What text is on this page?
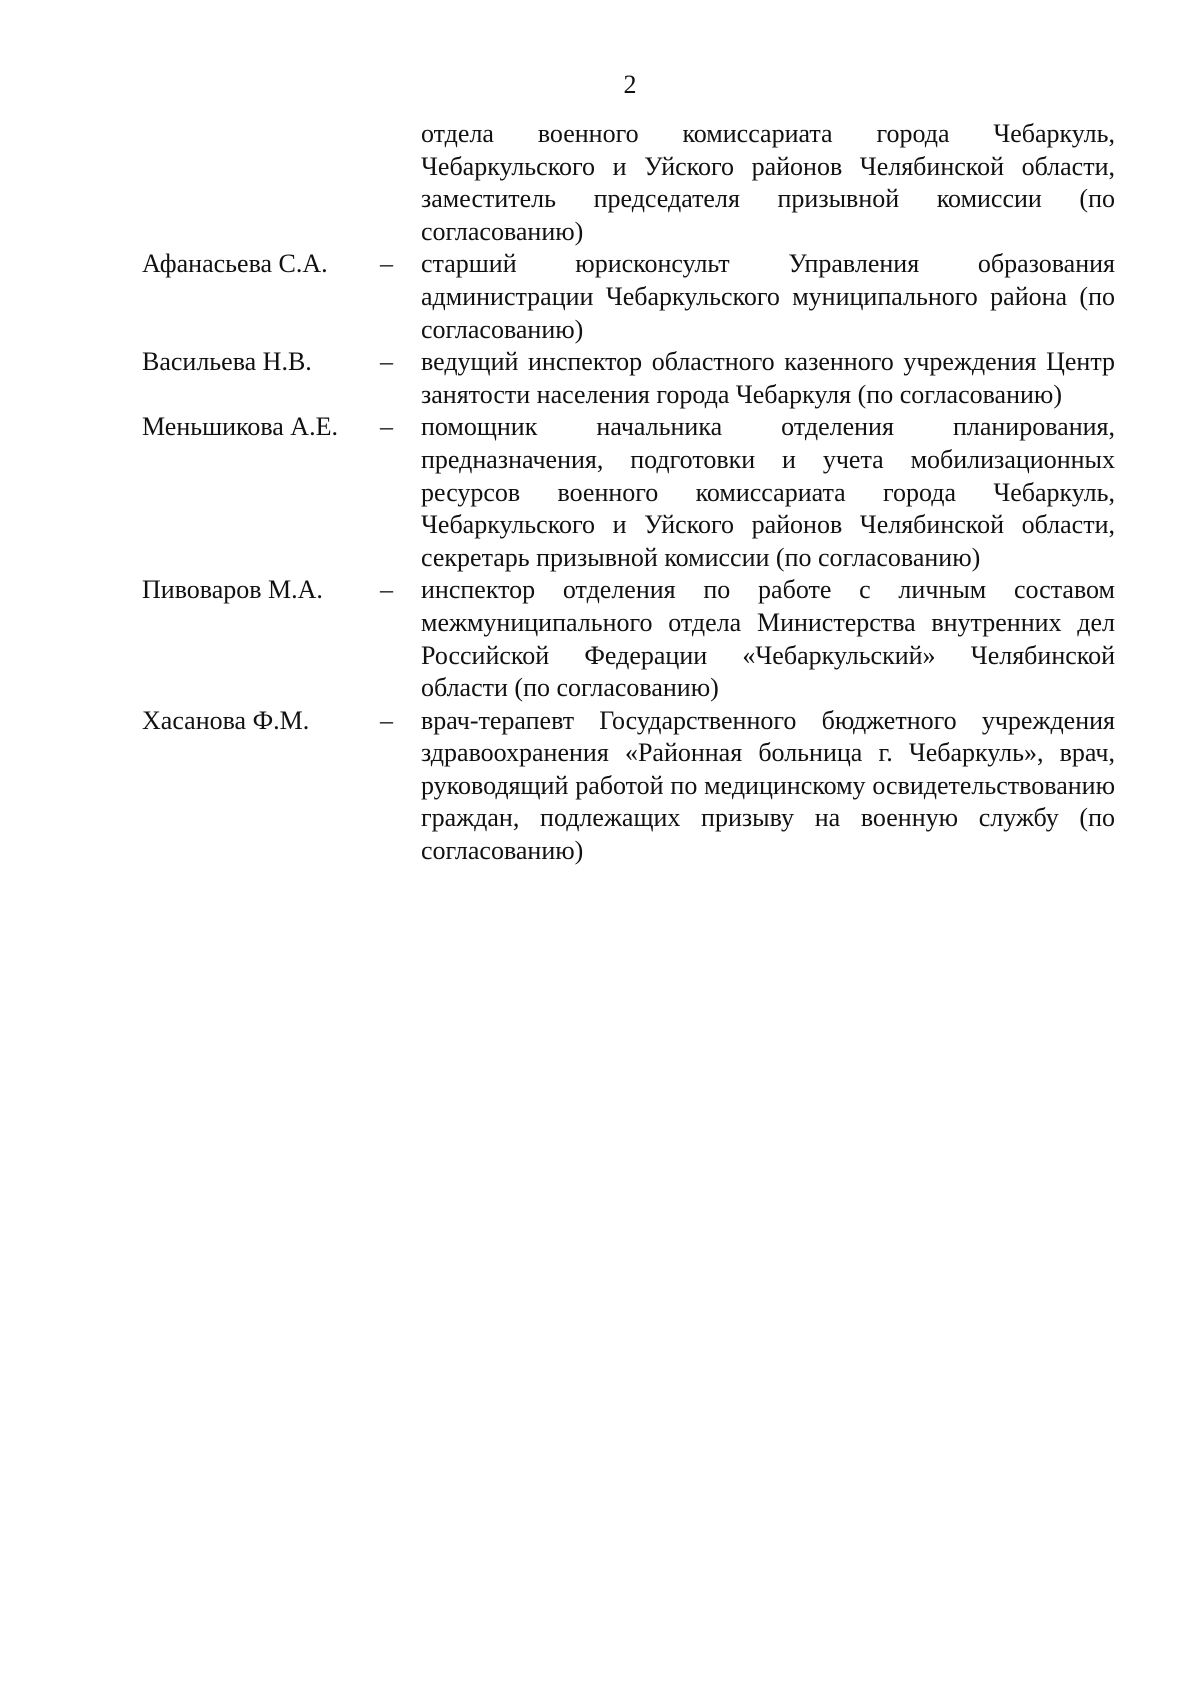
2

отдела военного комиссариата города Чебаркуль, Чебаркульского и Уйского районов Челябинской области, заместитель председателя призывной комиссии (по согласованию)

Афанасьева С.А.	–	старший юрисконсульт Управления образования администрации Чебаркульского муниципального района (по согласованию)

Васильева Н.В.	–	ведущий инспектор областного казенного учреждения Центр занятости населения города Чебаркуля (по согласованию)

Меньшикова А.Е.	–	помощник начальника отделения планирования, предназначения, подготовки и учета мобилизационных ресурсов военного комиссариата города Чебаркуль, Чебаркульского и Уйского районов Челябинской области, секретарь призывной комиссии (по согласованию)

Пивоваров М.А.	–	инспектор отделения по работе с личным составом межмуниципального отдела Министерства внутренних дел Российской Федерации «Чебаркульский» Челябинской области (по согласованию)

Хасанова Ф.М.	–	врач-терапевт Государственного бюджетного учреждения здравоохранения «Районная больница г. Чебаркуль», врач, руководящий работой по медицинскому освидетельствованию граждан, подлежащих призыву на военную службу (по согласованию)
